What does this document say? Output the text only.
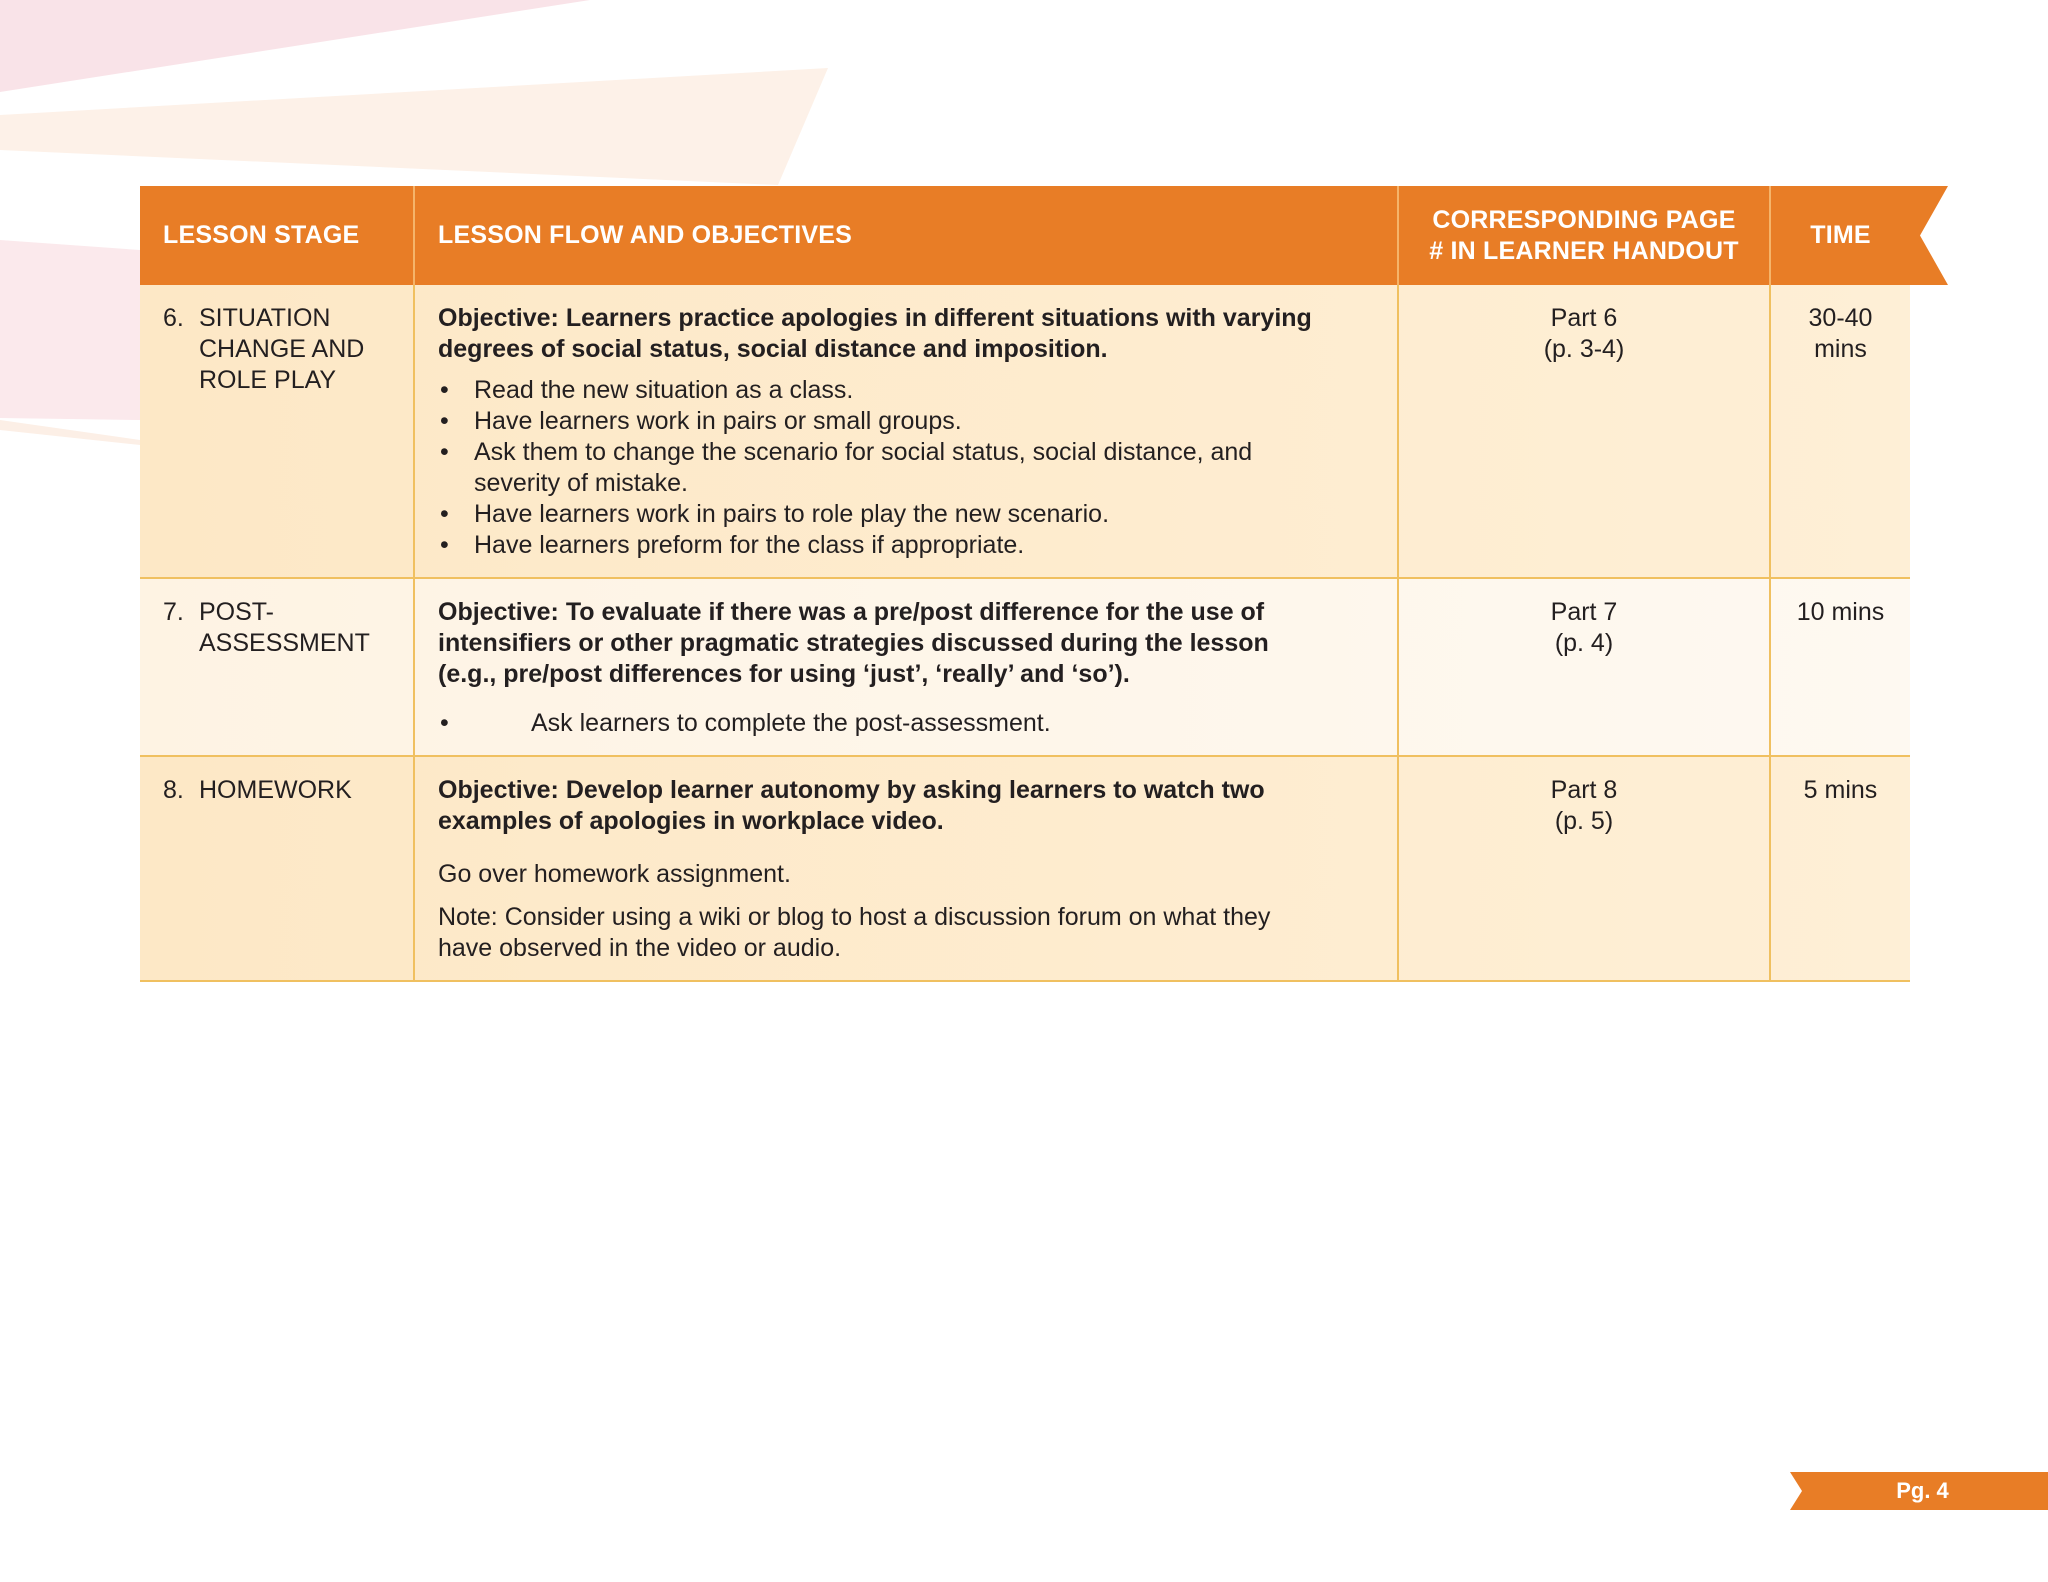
LESSON STAGE	LESSON FLOW AND OBJECTIVES
CORRESPONDING PAGE
# IN LEARNER HANDOUT
TIME
6. SITUATION
CHANGE AND
ROLE PLAY

Objective: Learners practice apologies in different situations with varying degrees of social status, social distance and imposition.

• Read the new situation as a class.
• Have learners work in pairs or small groups.
• Ask them to change the scenario for social status, social distance, and severity of mistake.
• Have learners work in pairs to role play the new scenario.
• Have learners preform for the class if appropriate.
Part 6
(p. 3-4)
30-40
mins
7. POST-
ASSESSMENT

Objective: To evaluate if there was a pre/post difference for the use of intensifiers or other pragmatic strategies discussed during the lesson (e.g., pre/post differences for using ‘just’, ‘really’ and ‘so’).

• Ask learners to complete the post-assessment.
Part 7
(p. 4)
10 mins
8. HOMEWORK	Objective: Develop learner autonomy by asking learners to watch two examples of apologies in workplace video.

Go over homework assignment.

Note: Consider using a wiki or blog to host a discussion forum on what they have observed in the video or audio.

Part 8
(p. 5)
5 mins
Pg. 4
